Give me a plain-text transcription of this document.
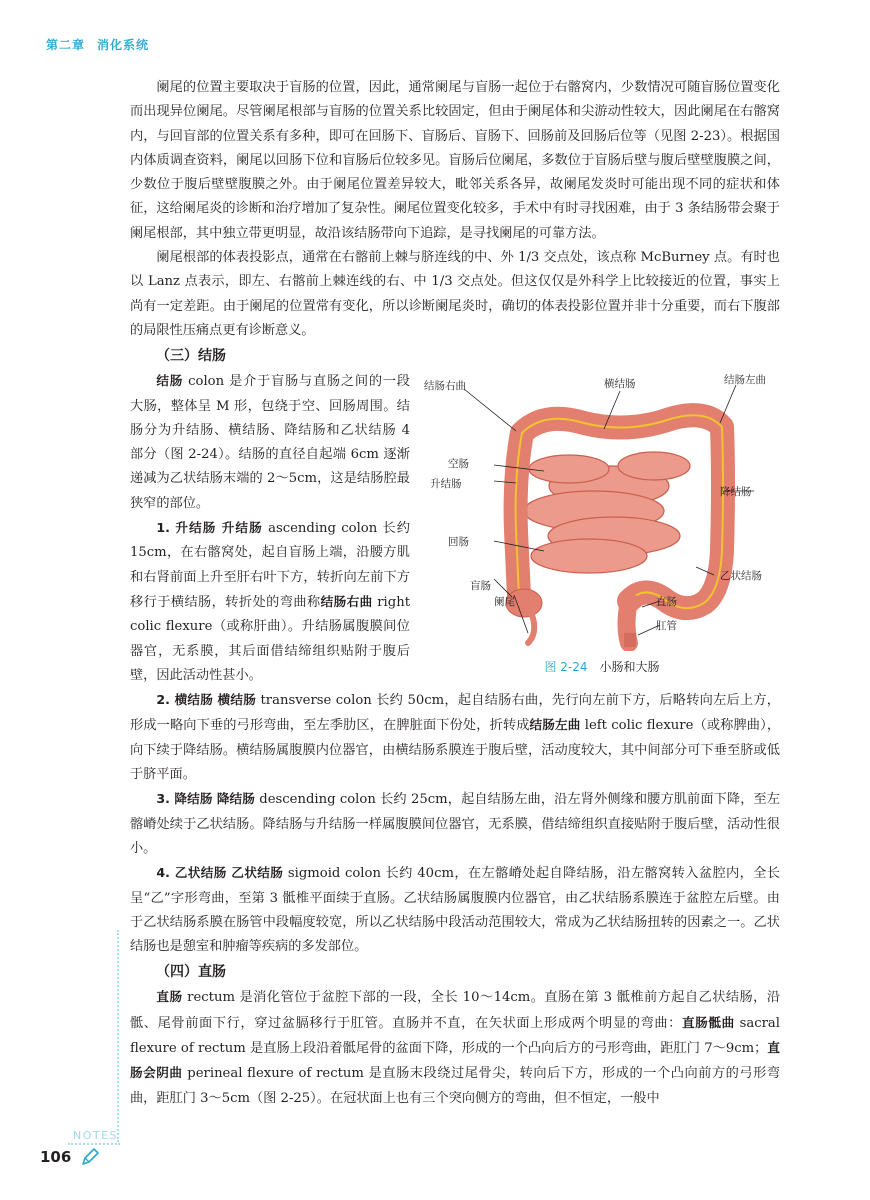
第二章 消化系统

阑尾的位置主要取决于盲肠的位置，因此，通常阑尾与盲肠一起位于右髂窝内，少数情况可随盲肠位置变化而出现异位阑尾。尽管阑尾根部与盲肠的位置关系比较固定，但由于阑尾体和尖游动性较大，因此阑尾在右髂窝内，与回盲部的位置关系有多种，即可在回肠下、盲肠后、盲肠下、回肠前及回肠后位等（见图 2-23）。根据国内体质调查资料，阑尾以回肠下位和盲肠后位较多见。盲肠后位阑尾，多数位于盲肠后壁与腹后壁壁腹膜之间，少数位于腹后壁壁腹膜之外。由于阑尾位置差异较大，毗邻关系各异，故阑尾发炎时可能出现不同的症状和体征，这给阑尾炎的诊断和治疗增加了复杂性。阑尾位置变化较多，手术中有时寻找困难，由于 3 条结肠带会聚于阑尾根部，其中独立带更明显，故沿该结肠带向下追踪，是寻找阑尾的可靠方法。

阑尾根部的体表投影点，通常在右髂前上棘与脐连线的中、外 1/3 交点处，该点称 McBurney 点。有时也以 Lanz 点表示，即左、右髂前上棘连线的右、中 1/3 交点处。但这仅仅是外科学上比较接近的位置，事实上尚有一定差距。由于阑尾的位置常有变化，所以诊断阑尾炎时，确切的体表投影位置并非十分重要，而右下腹部的局限性压痛点更有诊断意义。

（三）结肠
结肠右曲	横结肠	结肠左曲
空肠
升结肠
降结肠
回肠
乙状结肠
盲肠
阑尾	直肠
肛管
图 2-24 小肠和大肠

结肠 colon 是介于盲肠与直肠之间的一段大肠，整体呈 M 形，包绕于空、回肠周围。结肠分为升结肠、横结肠、降结肠和乙状结肠 4 部分（图 2-24）。结肠的直径自起端 6cm 逐渐递减为乙状结肠末端的 2～5cm，这是结肠腔最狭窄的部位。

1. 升结肠 升结肠 ascending colon 长约 15cm，在右髂窝处，起自盲肠上端，沿腰方肌和右肾前面上升至肝右叶下方，转折向左前下方移行于横结肠，转折处的弯曲称结肠右曲 right colic flexure（或称肝曲）。升结肠属腹膜间位器官，无系膜，其后面借结缔组织贴附于腹后壁，因此活动性甚小。

2. 横结肠 横结肠 transverse colon 长约 50cm，起自结肠右曲，先行向左前下方，后略转向左后上方，形成一略向下垂的弓形弯曲，至左季肋区，在脾脏面下份处，折转成结肠左曲 left colic flexure（或称脾曲），向下续于降结肠。横结肠属腹膜内位器官，由横结肠系膜连于腹后壁，活动度较大，其中间部分可下垂至脐或低于脐平面。

3. 降结肠 降结肠 descending colon 长约 25cm，起自结肠左曲，沿左肾外侧缘和腰方肌前面下降，至左髂嵴处续于乙状结肠。降结肠与升结肠一样属腹膜间位器官，无系膜，借结缔组织直接贴附于腹后壁，活动性很小。

4. 乙状结肠 乙状结肠 sigmoid colon 长约 40cm，在左髂嵴处起自降结肠，沿左髂窝转入盆腔内，全长呈“乙”字形弯曲，至第 3 骶椎平面续于直肠。乙状结肠属腹膜内位器官，由乙状结肠系膜连于盆腔左后壁。由于乙状结肠系膜在肠管中段幅度较宽，所以乙状结肠中段活动范围较大，常成为乙状结肠扭转的因素之一。乙状结肠也是憩室和肿瘤等疾病的多发部位。

（四）直肠

直肠 rectum 是消化管位于盆腔下部的一段，全长 10～14cm。直肠在第 3 骶椎前方起自乙状结肠，沿骶、尾骨前面下行，穿过盆膈移行于肛管。直肠并不直，在矢状面上形成两个明显的弯曲：直肠骶曲 sacral flexure of rectum 是直肠上段沿着骶尾骨的盆面下降，形成的一个凸向后方的弓形弯曲，距肛门 7～9cm；直肠会阴曲 perineal flexure of rectum 是直肠末段绕过尾骨尖，转向后下方，形成的一个凸向前方的弓形弯曲，距肛门 3～5cm（图 2-25）。在冠状面上也有三个突向侧方的弯曲，但不恒定，一般中

NOTES
106
